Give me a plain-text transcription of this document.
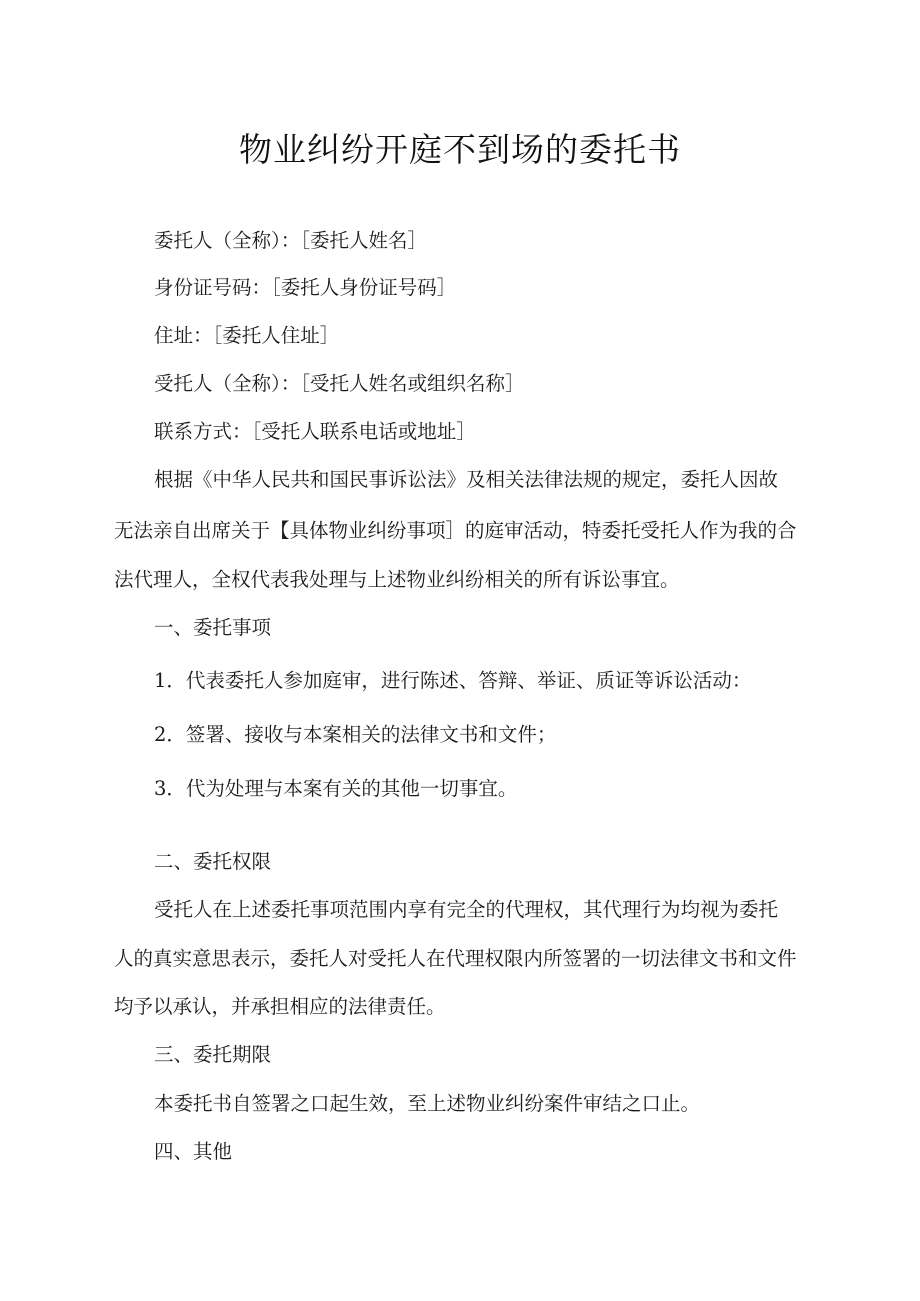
物业纠纷开庭不到场的委托书

委托人（全称）：［委托人姓名］

身份证号码：［委托人身份证号码］

住址：［委托人住址］

受托人（全称）：［受托人姓名或组织名称］

联系方式：［受托人联系电话或地址］

根据《中华人民共和国民事诉讼法》及相关法律法规的规定，委托人因故

无法亲自出席关于【具体物业纠纷事项］的庭审活动，特委托受托人作为我的合

法代理人，全权代表我处理与上述物业纠纷相关的所有诉讼事宜。

一、委托事项

1．代表委托人参加庭审，进行陈述、答辩、举证、质证等诉讼活动：

2．签署、接收与本案相关的法律文书和文件；

3．代为处理与本案有关的其他一切事宜。

二、委托权限

受托人在上述委托事项范围内享有完全的代理权，其代理行为均视为委托

人的真实意思表示，委托人对受托人在代理权限内所签署的一切法律文书和文件

均予以承认，并承担相应的法律责任。

三、委托期限

本委托书自签署之口起生效，至上述物业纠纷案件审结之口止。

四、其他
